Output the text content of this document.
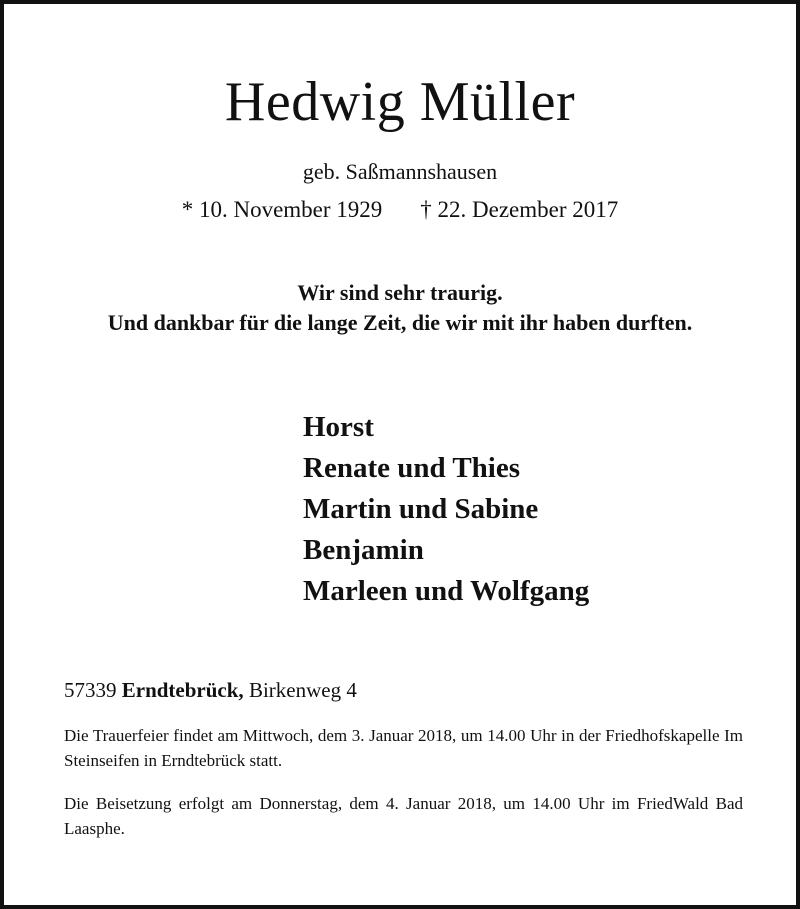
Hedwig Müller
geb. Saßmannshausen
* 10. November 1929 † 22. Dezember 2017
Wir sind sehr traurig.
Und dankbar für die lange Zeit, die wir mit ihr haben durften.
Horst
Renate und Thies
Martin und Sabine
Benjamin
Marleen und Wolfgang
57339 Erndtebrück, Birkenweg 4
Die Trauerfeier findet am Mittwoch, dem 3. Januar 2018, um 14.00 Uhr in der Friedhofskapelle Im Steinseifen in Erndtebrück statt.
Die Beisetzung erfolgt am Donnerstag, dem 4. Januar 2018, um 14.00 Uhr im FriedWald Bad Laasphe.
